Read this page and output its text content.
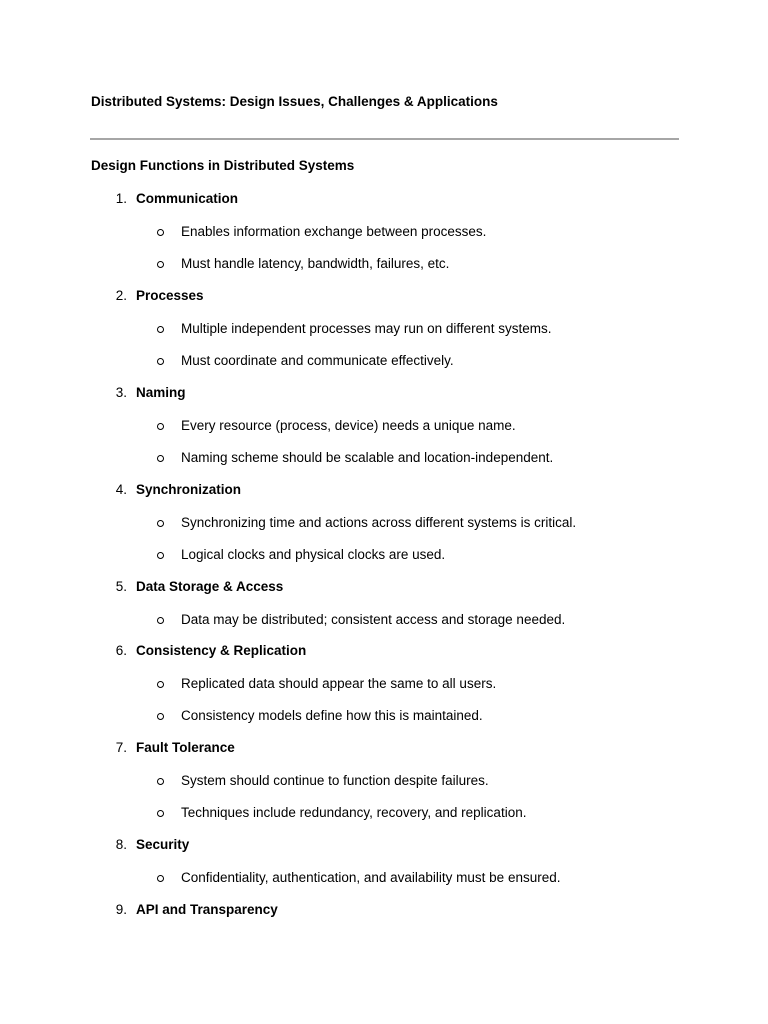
Distributed Systems: Design Issues, Challenges & Applications
Design Functions in Distributed Systems
1. Communication
Enables information exchange between processes.
Must handle latency, bandwidth, failures, etc.
2. Processes
Multiple independent processes may run on different systems.
Must coordinate and communicate effectively.
3. Naming
Every resource (process, device) needs a unique name.
Naming scheme should be scalable and location-independent.
4. Synchronization
Synchronizing time and actions across different systems is critical.
Logical clocks and physical clocks are used.
5. Data Storage & Access
Data may be distributed; consistent access and storage needed.
6. Consistency & Replication
Replicated data should appear the same to all users.
Consistency models define how this is maintained.
7. Fault Tolerance
System should continue to function despite failures.
Techniques include redundancy, recovery, and replication.
8. Security
Confidentiality, authentication, and availability must be ensured.
9. API and Transparency
